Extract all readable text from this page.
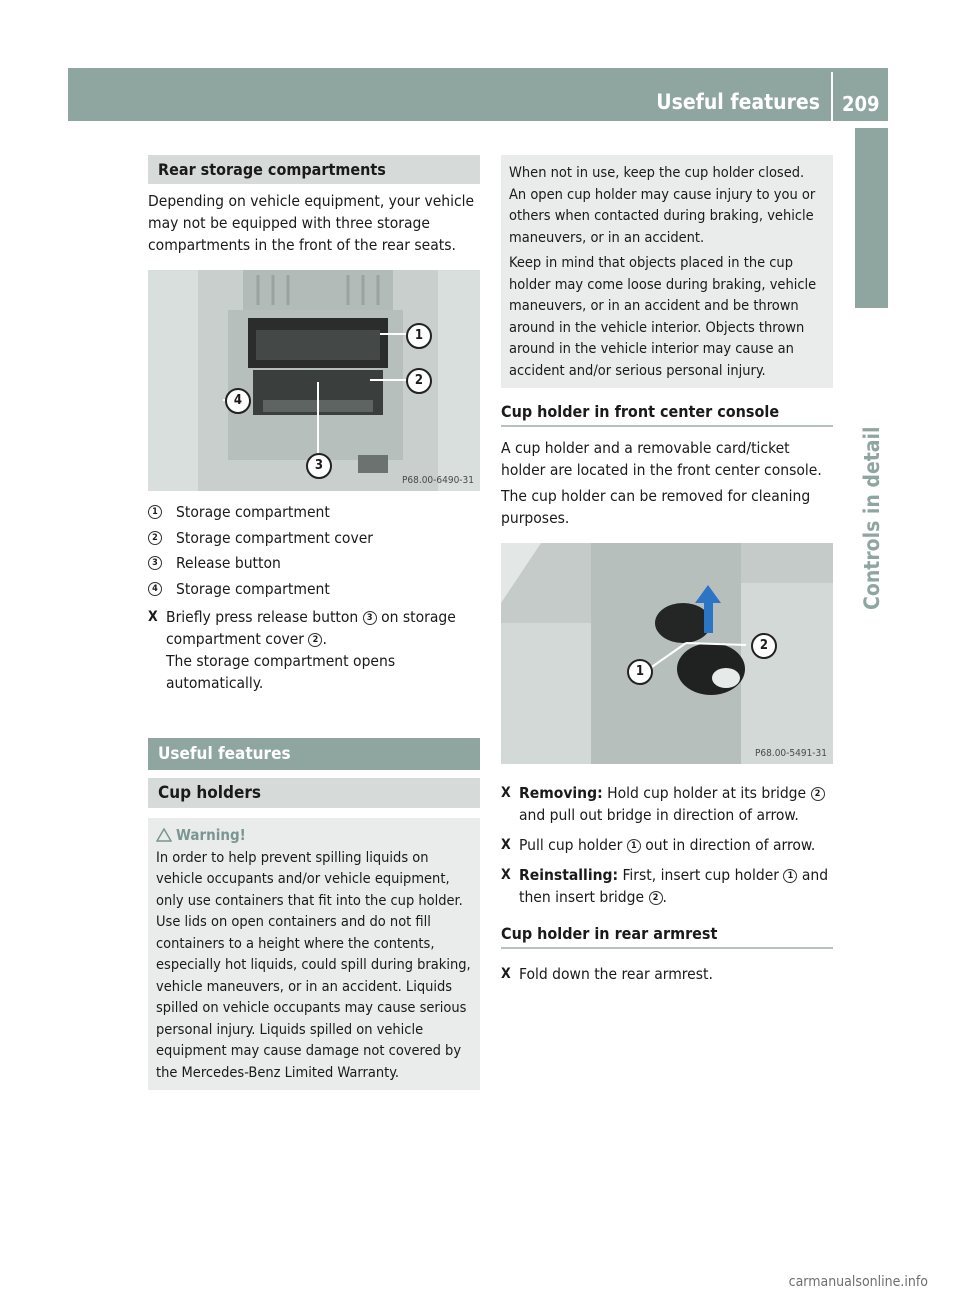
Useful features 209
Controls in detail
Rear storage compartments

Depending on vehicle equipment, your vehicle may not be equipped with three storage compartments in the front of the rear seats.

1
2
3
4
P68.00-6490-31
1 Storage compartment
2 Storage compartment cover
3 Release button
4 Storage compartment
X Briefly press release button 3 on storage compartment cover 2 .
The storage compartment opens automatically.
Useful features
Cup holders
Warning!

In order to help prevent spilling liquids on vehicle occupants and/or vehicle equipment, only use containers that fit into the cup holder. Use lids on open containers and do not fill containers to a height where the contents, especially hot liquids, could spill during braking, vehicle maneuvers, or in an accident. Liquids spilled on vehicle occupants may cause serious personal injury. Liquids spilled on vehicle equipment may cause damage not covered by the Mercedes-Benz Limited Warranty.

When not in use, keep the cup holder closed. An open cup holder may cause injury to you or others when contacted during braking, vehicle maneuvers, or in an accident.

Keep in mind that objects placed in the cup holder may come loose during braking, vehicle maneuvers, or in an accident and be thrown around in the vehicle interior. Objects thrown around in the vehicle interior may cause an accident and/or serious personal injury.

Cup holder in front center console

A cup holder and a removable card/ticket holder are located in the front center console.

The cup holder can be removed for cleaning purposes.

2
1
P68.00-5491-31
X Removing: Hold cup holder at its bridge 2 and pull out bridge in direction of arrow.
X Pull cup holder 1 out in direction of arrow.
X Reinstalling: First, insert cup holder 1 and then insert bridge 2 .
Cup holder in rear armrest
X Fold down the rear armrest.
carmanualsonline.info
